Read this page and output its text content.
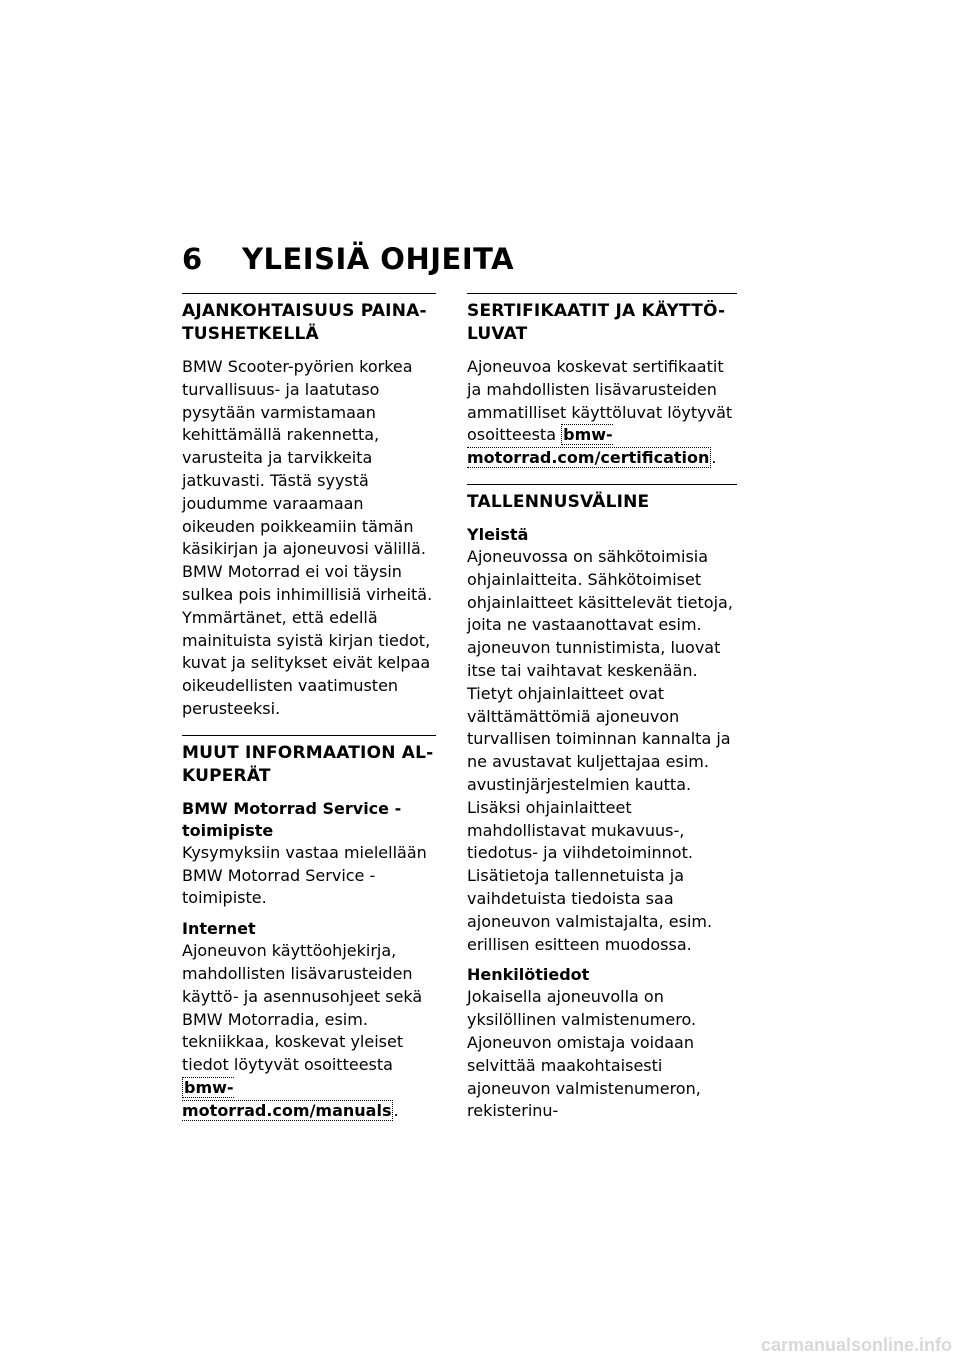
6 YLEISIÄ OHJEITA
AJANKOHTAISUUS PAINA-TUSHETKELLÄ

BMW Scooter-pyörien korkea turvallisuus- ja laatutaso pysytään varmistamaan kehittämällä rakennetta, varusteita ja tarvikkeita jatkuvasti. Tästä syystä joudumme varaamaan oikeuden poikkeamiin tämän käsikirjan ja ajoneuvosi välillä. BMW Motorrad ei voi täysin sulkea pois inhimillisiä virheitä. Ymmärtänet, että edellä mainituista syistä kirjan tiedot, kuvat ja selitykset eivät kelpaa oikeudellisten vaatimusten perusteeksi.

MUUT INFORMAATION AL-KUPERÄT
BMW Motorrad Service -toimipiste

Kysymyksiin vastaa mielellään BMW Motorrad Service -toimipiste.

Internet

Ajoneuvon käyttöohjekirja, mahdollisten lisävarusteiden käyttö- ja asennusohjeet sekä BMW Motorradia, esim. tekniikkaa, koskevat yleiset tiedot löytyvät osoitteesta bmw-motorrad.com/manuals .

SERTIFIKAATIT JA KÄYTTÖ-LUVAT

Ajoneuvoa koskevat sertifikaatit ja mahdollisten lisävarusteiden ammatilliset käyttöluvat löytyvät osoitteesta bmw-motorrad.com/certification .

TALLENNUSVÄLINE
Yleistä

Ajoneuvossa on sähkötoimisia ohjainlaitteita. Sähkötoimiset ohjainlaitteet käsittelevät tietoja, joita ne vastaanottavat esim. ajoneuvon tunnistimista, luovat itse tai vaihtavat keskenään. Tietyt ohjainlaitteet ovat välttämättömiä ajoneuvon turvallisen toiminnan kannalta ja ne avustavat kuljettajaa esim. avustinjärjestelmien kautta. Lisäksi ohjainlaitteet mahdollistavat mukavuus-, tiedotus- ja viihdetoiminnot.

Lisätietoja tallennetuista ja vaihdetuista tiedoista saa ajoneuvon valmistajalta, esim. erillisen esitteen muodossa.

Henkilötiedot

Jokaisella ajoneuvolla on yksilöllinen valmistenumero. Ajoneuvon omistaja voidaan selvittää maakohtaisesti ajoneuvon valmistenumeron, rekisterinu-

carmanualsonline.info
